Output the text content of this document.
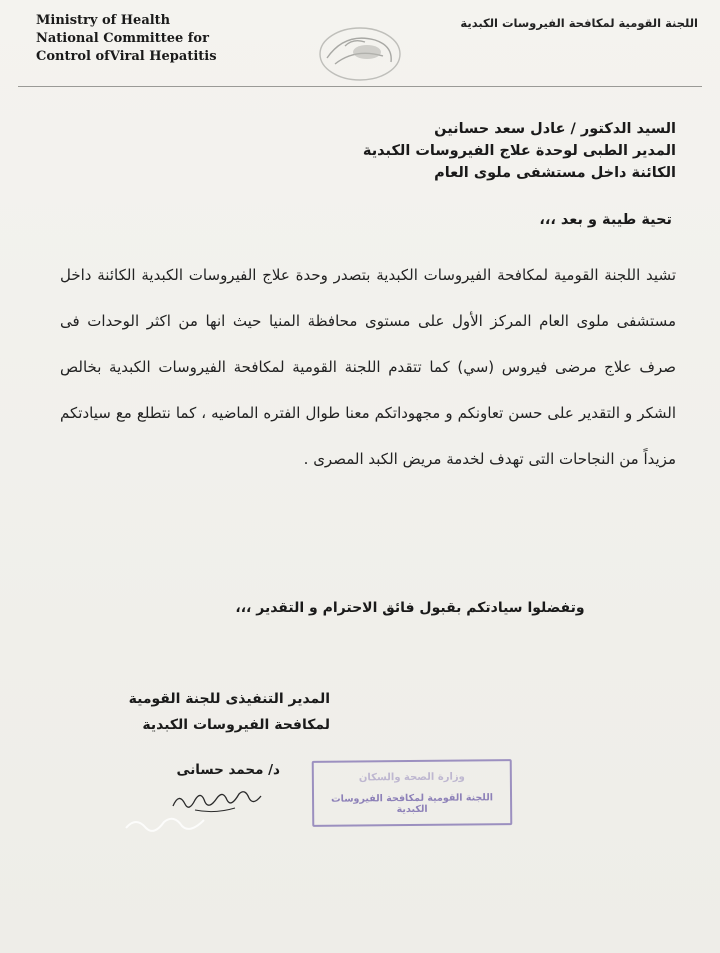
Ministry of Health
National Committee for
Control ofViral Hepatitis
اللجنة القومية لمكافحة الفيروسات الكبدية
السيد الدكتور / عادل سعد حسانين
المدير الطبى لوحدة علاج الفيروسات الكبدية
الكائنة داخل مستشفى ملوى العام
تحية طيبة و بعد ،،،
تشيد اللجنة القومية لمكافحة الفيروسات الكبدية بتصدر وحدة علاج الفيروسات الكبدية الكائنة داخل مستشفى ملوى العام المركز الأول على مستوى محافظة المنيا حيث انها من اكثر الوحدات فى صرف علاج مرضى فيروس (سي) كما تتقدم اللجنة القومية لمكافحة الفيروسات الكبدية بخالص الشكر و التقدير على حسن تعاونكم و مجهوداتكم معنا طوال الفتره الماضيه ، كما نتطلع مع سيادتكم مزيداً من النجاحات التى تهدف لخدمة مريض الكبد المصرى .
وتفضلوا سيادتكم بقبول فائق الاحترام و التقدير ،،،
المدير التنفيذى للجنة القومية
لمكافحة الفيروسات الكبدية
د/ محمد حسانى	وزارة الصحة والسكان
اللجنة القومية لمكافحة الفيروسات الكبدية
